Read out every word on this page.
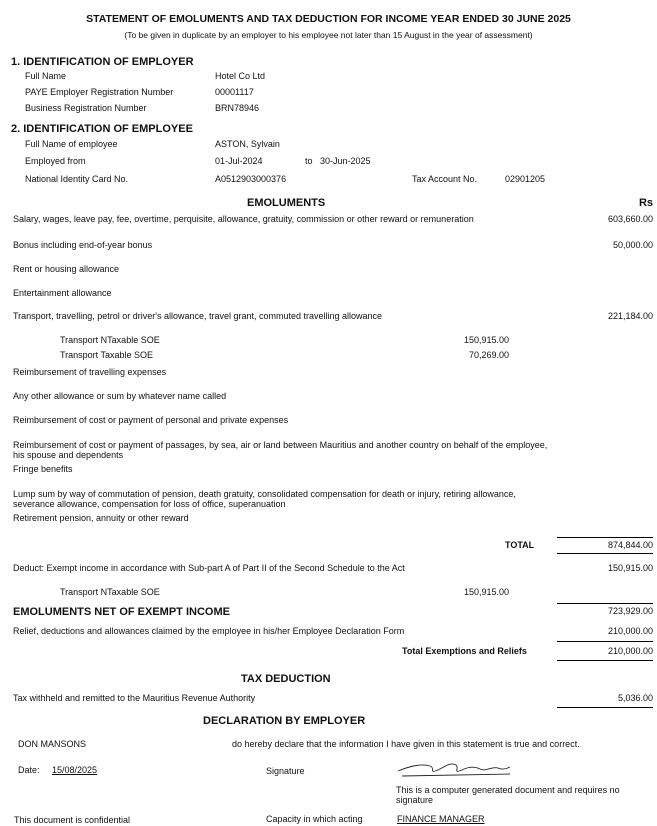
STATEMENT OF EMOLUMENTS AND TAX DEDUCTION FOR INCOME YEAR ENDED 30 JUNE 2025
(To be given in duplicate by an employer to his employee not later than 15 August in the year of assessment)
1. IDENTIFICATION OF EMPLOYER
Full Name	Hotel Co Ltd
PAYE Employer Registration Number	00001117
Business Registration Number	BRN78946
2. IDENTIFICATION OF EMPLOYEE
Full Name of employee	ASTON, Sylvain
Employed from	01-Jul-2024	to 30-Jun-2025
National Identity Card No.	A0512903000376	Tax Account No.	02901205
EMOLUMENTS	Rs
Salary, wages, leave pay, fee, overtime, perquisite, allowance, gratuity, commission or other reward or remuneration	603,660.00
Bonus including end-of-year bonus	50,000.00
Rent or housing allowance
Entertainment allowance
Transport, travelling, petrol or driver's allowance, travel grant, commuted travelling allowance	221,184.00
Transport NTaxable SOE	150,915.00
Transport Taxable SOE	70,269.00
Reimbursement of travelling expenses
Any other allowance or sum by whatever name called
Reimbursement of cost or payment of personal and private expenses
Reimbursement of cost or payment of passages, by sea, air or land between Mauritius and another country on behalf of the employee, his spouse and dependents
Fringe benefits
Lump sum by way of commutation of pension, death gratuity, consolidated compensation for death or injury, retiring allowance, severance allowance, compensation for loss of office, superanuation
Retirement pension, annuity or other reward
TOTAL	874,844.00
Deduct: Exempt income in accordance with Sub-part A of Part II of the Second Schedule to the Act	150,915.00
Transport NTaxable SOE	150,915.00
EMOLUMENTS NET OF EXEMPT INCOME	723,929.00
Relief, deductions and allowances claimed by the employee in his/her Employee Declaration Form	210,000.00
Total Exemptions and Reliefs	210,000.00
TAX DEDUCTION
Tax withheld and remitted to the Mauritius Revenue Authority	5,036.00
DECLARATION BY EMPLOYER
DON MANSONS	do hereby declare that the information I have given in this statement is true and correct.
Date: 15/08/2025	Signature
This is a computer generated document and requires no signature
This document is confidential	Capacity in which acting	FINANCE MANAGER
